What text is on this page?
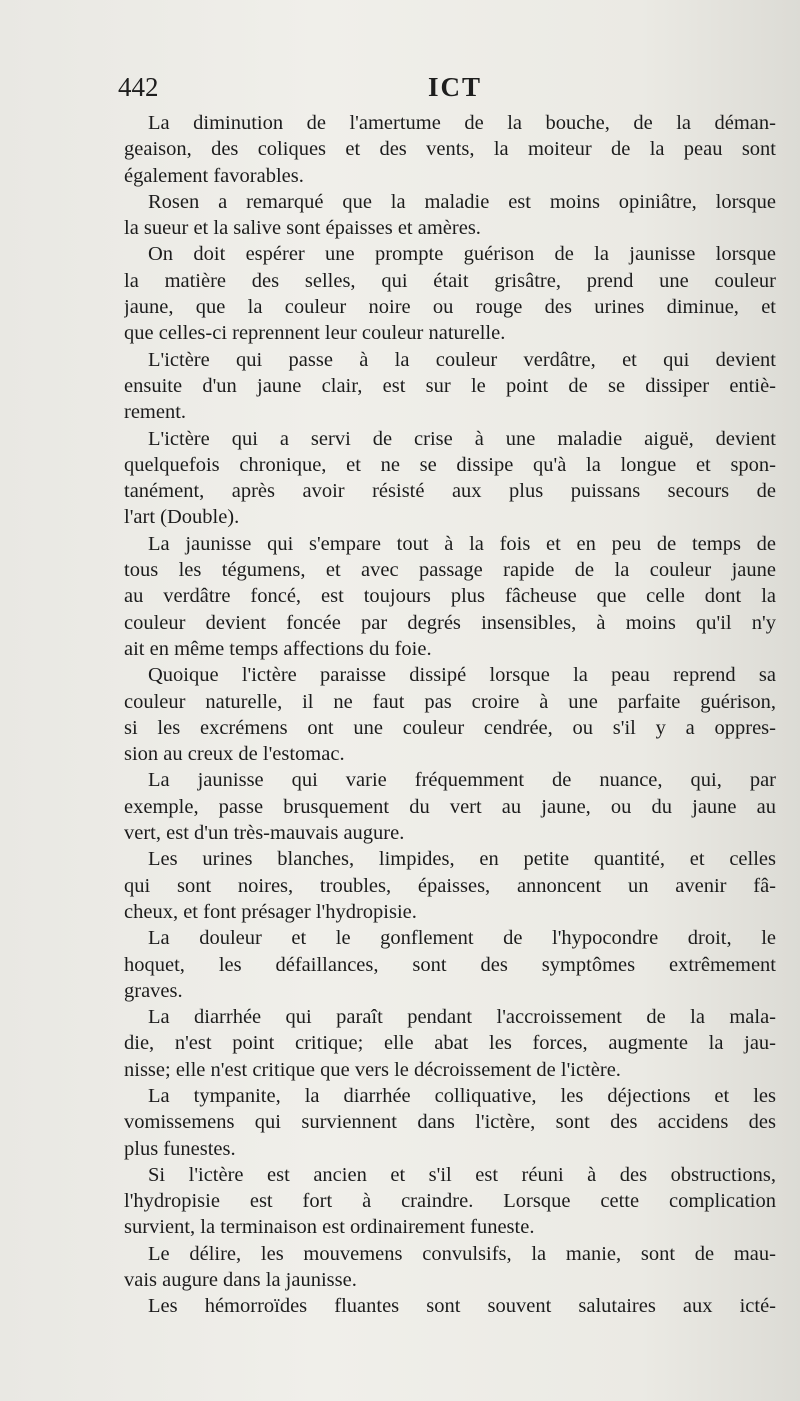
442	ICT
La diminution de l'amertume de la bouche, de la déman-
geaison, des coliques et des vents, la moiteur de la peau sont
également favorables.
Rosen a remarqué que la maladie est moins opiniâtre, lorsque
la sueur et la salive sont épaisses et amères.
On doit espérer une prompte guérison de la jaunisse lorsque
la matière des selles, qui était grisâtre, prend une couleur
jaune, que la couleur noire ou rouge des urines diminue, et
que celles-ci reprennent leur couleur naturelle.
L'ictère qui passe à la couleur verdâtre, et qui devient
ensuite d'un jaune clair, est sur le point de se dissiper entiè-
rement.
L'ictère qui a servi de crise à une maladie aiguë, devient
quelquefois chronique, et ne se dissipe qu'à la longue et spon-
tanément, après avoir résisté aux plus puissans secours de
l'art (Double).
La jaunisse qui s'empare tout à la fois et en peu de temps de
tous les tégumens, et avec passage rapide de la couleur jaune
au verdâtre foncé, est toujours plus fâcheuse que celle dont la
couleur devient foncée par degrés insensibles, à moins qu'il n'y
ait en même temps affections du foie.
Quoique l'ictère paraisse dissipé lorsque la peau reprend sa
couleur naturelle, il ne faut pas croire à une parfaite guérison,
si les excrémens ont une couleur cendrée, ou s'il y a oppres-
sion au creux de l'estomac.
La jaunisse qui varie fréquemment de nuance, qui, par
exemple, passe brusquement du vert au jaune, ou du jaune au
vert, est d'un très-mauvais augure.
Les urines blanches, limpides, en petite quantité, et celles
qui sont noires, troubles, épaisses, annoncent un avenir fâ-
cheux, et font présager l'hydropisie.
La douleur et le gonflement de l'hypocondre droit, le
hoquet, les défaillances, sont des symptômes extrêmement
graves.
La diarrhée qui paraît pendant l'accroissement de la mala-
die, n'est point critique; elle abat les forces, augmente la jau-
nisse; elle n'est critique que vers le décroissement de l'ictère.
La tympanite, la diarrhée colliquative, les déjections et les
vomissemens qui surviennent dans l'ictère, sont des accidens des
plus funestes.
Si l'ictère est ancien et s'il est réuni à des obstructions,
l'hydropisie est fort à craindre. Lorsque cette complication
survient, la terminaison est ordinairement funeste.
Le délire, les mouvemens convulsifs, la manie, sont de mau-
vais augure dans la jaunisse.
Les hémorroïdes fluantes sont souvent salutaires aux icté-
